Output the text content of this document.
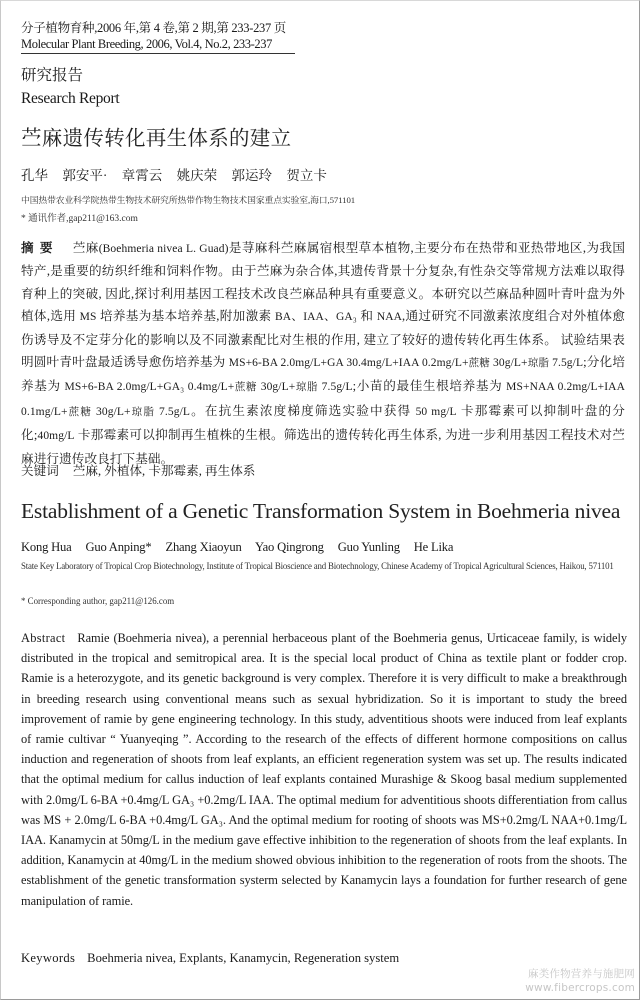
分子植物育种,2006 年,第 4 卷,第 2 期,第 233-237 页
Molecular Plant Breeding, 2006, Vol.4, No.2, 233-237
研究报告
Research Report
苎麻遗传转化再生体系的建立
孔华 郭安平· 章霄云 姚庆荣 郭运玲 贺立卡
中国热带农业科学院热带生物技术研究所热带作物生物技术国家重点实验室,海口,571101
* 通讯作者,gap211@163.com
摘要 苎麻(Boehmeria nivea L. Guad)是荨麻科苎麻属宿根型草本植物,主要分布在热带和亚热带地区,为我国特产,是重要的纺织纤维和饲料作物。由于苎麻为杂合体,其遗传背景十分复杂,有性杂交等常规方法难以取得育种上的突破, 因此,探讨利用基因工程技术改良苎麻品种具有重要意义。本研究以苎麻品种圆叶青叶盘为外植体,选用 MS 培养基为基本培养基,附加激素 BA、IAA、GA₃ 和 NAA,通过研究不同激素浓度组合对外植体愈伤诱导及不定芽分化的影响以及不同激素配比对生根的作用, 建立了较好的遗传转化再生体系。 试验结果表明圆叶青叶盘最适诱导愈伤培养基为 MS+6-BA 2.0mg/L+GA 30.4mg/L+IAA 0.2mg/L+蔗糖 30g/L+琼脂 7.5g/L;分化培养基为 MS+6-BA 2.0mg/L+GA₃ 0.4mg/L+蔗糖 30g/L+琼脂 7.5g/L;小苗的最佳生根培养基为 MS+NAA 0.2mg/L+IAA 0.1mg/L+蔗糖 30g/L+琼脂 7.5g/L。在抗生素浓度梯度筛选实验中获得 50 mg/L 卡那霉素可以抑制叶盘的分化;40mg/L 卡那霉素可以抑制再生植株的生根。筛选出的遗传转化再生体系, 为进一步利用基因工程技术对苎麻进行遗传改良打下基础。
关键词 苎麻, 外植体, 卡那霉素, 再生体系
Establishment of a Genetic Transformation System in Boehmeria nivea
Kong Hua Guo Anping* Zhang Xiaoyun Yao Qingrong Guo Yunling He Lika
State Key Laboratory of Tropical Crop Biotechnology, Institute of Tropical Bioscience and Biotechnology, Chinese Academy of Tropical Agricultural Sciences, Haikou, 571101
* Corresponding author, gap211@126.com
Abstract Ramie (Boehmeria nivea), a perennial herbaceous plant of the Boehmeria genus, Urticaceae family, is widely distributed in the tropical and semitropical area. It is the special local product of China as textile plant or fodder crop. Ramie is a heterozygote, and its genetic background is very complex. Therefore it is very difficult to make a breakthrough in breeding research using conventional means such as sexual hybridization. So it is important to study the breed improvement of ramie by gene engineering technology. In this study, adventitious shoots were induced from leaf explants of ramie cultivar “ Yuanyeqing ”. According to the research of the effects of different hormone compositions on callus induction and regeneration of shoots from leaf explants, an efficient regeneration system was set up. The results indicated that the optimal medium for callus induction of leaf explants contained Murashige & Skoog basal medium supplemented with 2.0mg/L 6-BA +0.4mg/L GA₃ +0.2mg/L IAA. The optimal medium for adventitious shoots differentiation from callus was MS + 2.0mg/L 6-BA +0.4mg/L GA₃. And the optimal medium for rooting of shoots was MS+0.2mg/L NAA+0.1mg/L IAA. Kanamycin at 50mg/L in the medium gave effective inhibition to the regeneration of shoots from the leaf explants. In addition, Kanamycin at 40mg/L in the medium showed obvious inhibition to the regeneration of roots from the shoots. The establishment of the genetic transformation systerm selected by Kanamycin lays a foundation for further research of gene manipulation of ramie.
Keywords Boehmeria nivea, Explants, Kanamycin, Regeneration system
麻类作物营养与施肥网
www.fibercrops.com
